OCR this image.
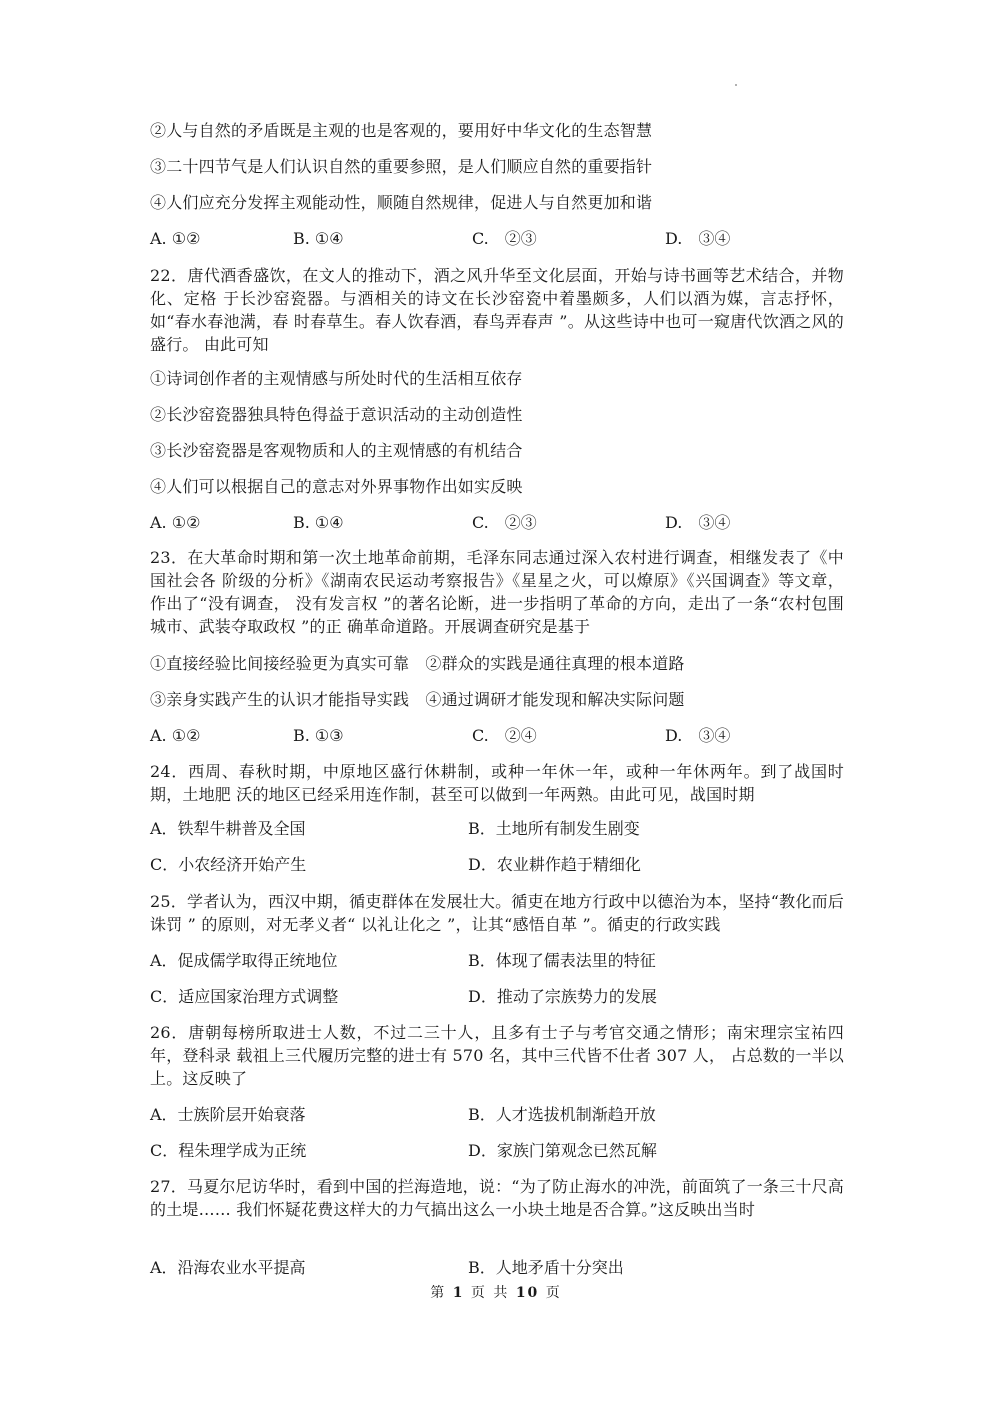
②人与自然的矛盾既是主观的也是客观的，要用好中华文化的生态智慧
③二十四节气是人们认识自然的重要参照，是人们顺应自然的重要指针
④人们应充分发挥主观能动性，顺随自然规律，促进人与自然更加和谐
A. ①②	B. ①④	C.　②③	D.　③④
22．唐代酒香盛饮，在文人的推动下，酒之风升华至文化层面，开始与诗书画等艺术结合，并物化、定格 于长沙窑瓷器。与酒相关的诗文在长沙窑瓷中着墨颇多，人们以酒为媒，言志抒怀，如“春水春池满，春 时春草生。春人饮春酒，春鸟弄春声 ”。从这些诗中也可一窥唐代饮酒之风的盛行。 由此可知
①诗词创作者的主观情感与所处时代的生活相互依存
②长沙窑瓷器独具特色得益于意识活动的主动创造性
③长沙窑瓷器是客观物质和人的主观情感的有机结合
④人们可以根据自己的意志对外界事物作出如实反映
A. ①②	B. ①④	C.　②③	D.　③④
23．在大革命时期和第一次土地革命前期，毛泽东同志通过深入农村进行调查，相继发表了《中国社会各 阶级的分析》《湖南农民运动考察报告》《星星之火，可以燎原》《兴国调查》等文章，作出了“没有调查， 没有发言权 ”的著名论断，进一步指明了革命的方向，走出了一条“农村包围城市、武装夺取政权 ”的正 确革命道路。开展调查研究是基于
①直接经验比间接经验更为真实可靠　②群众的实践是通往真理的根本道路
③亲身实践产生的认识才能指导实践　④通过调研才能发现和解决实际问题
A. ①②	B. ①③	C.　②④	D.　③④
24．西周、春秋时期，中原地区盛行休耕制，或种一年休一年，或种一年休两年。到了战国时期，土地肥 沃的地区已经采用连作制，甚至可以做到一年两熟。由此可见，战国时期
A．铁犁牛耕普及全国	B．土地所有制发生剧变
C．小农经济开始产生	D．农业耕作趋于精细化
25．学者认为，西汉中期，循吏群体在发展壮大。循吏在地方行政中以德治为本，坚持“教化而后诛罚 ” 的原则，对无孝义者“ 以礼让化之 ”，让其“感悟自革 ”。循吏的行政实践
A．促成儒学取得正统地位	B．体现了儒表法里的特征
C．适应国家治理方式调整	D．推动了宗族势力的发展
26．唐朝每榜所取进士人数，不过二三十人，且多有士子与考官交通之情形；南宋理宗宝祐四年，登科录 载祖上三代履历完整的进士有 570 名，其中三代皆不仕者 307 人， 占总数的一半以上。这反映了
A．士族阶层开始衰落	B．人才选拔机制渐趋开放
C．程朱理学成为正统	D．家族门第观念已然瓦解
27．马夏尔尼访华时，看到中国的拦海造地，说：“为了防止海水的冲洗，前面筑了一条三十尺高的土堤…… 我们怀疑花费这样大的力气搞出这么一小块土地是否合算。”这反映出当时
A．沿海农业水平提高	B．人地矛盾十分突出
第 1 页 共 10 页
